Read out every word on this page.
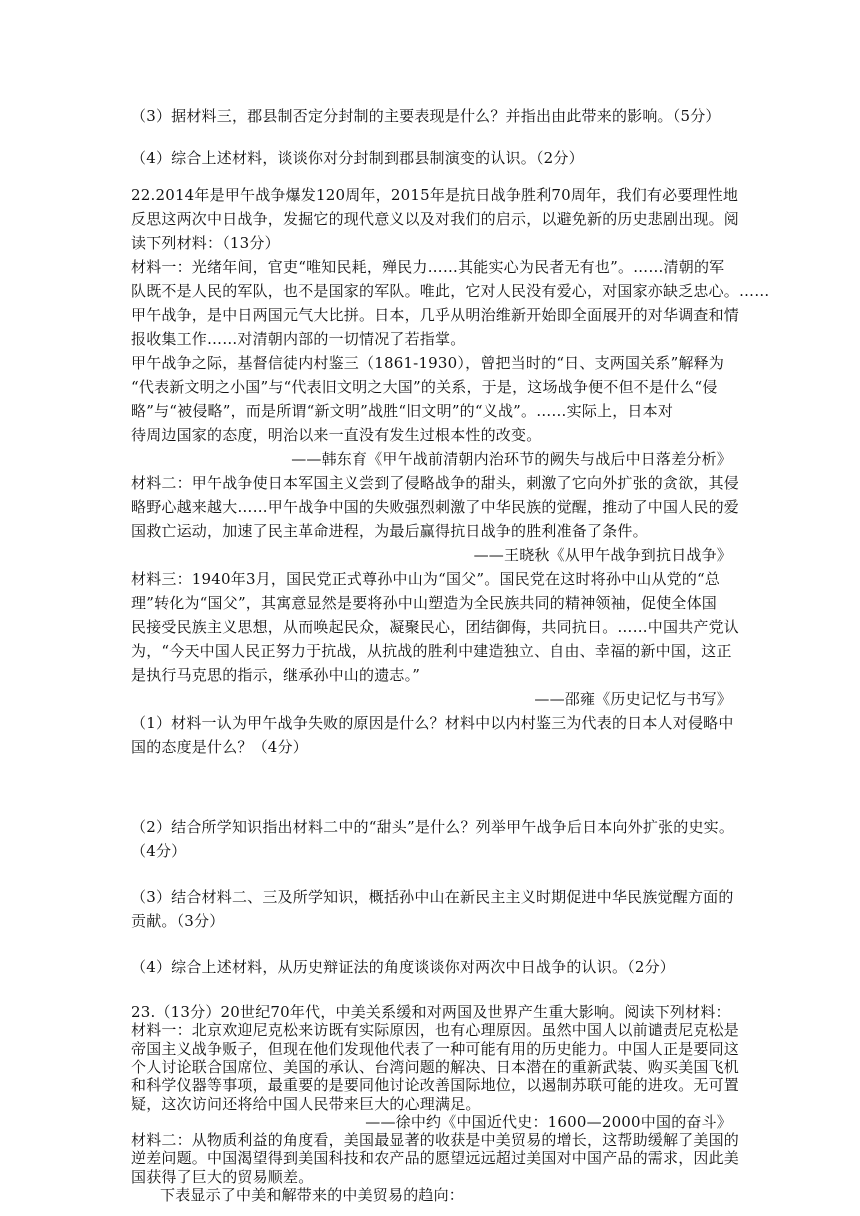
（3）据材料三，郡县制否定分封制的主要表现是什么？并指出由此带来的影响。（5分）
（4）综合上述材料，谈谈你对分封制到郡县制演变的认识。（2分）
22.2014年是甲午战争爆发120周年，2015年是抗日战争胜利70周年，我们有必要理性地
反思这两次中日战争，发掘它的现代意义以及对我们的启示，以避免新的历史悲剧出现。阅
读下列材料：（13分）
材料一：光绪年间，官吏“唯知民耗，殚民力……其能实心为民者无有也”。……清朝的军
队既不是人民的军队，也不是国家的军队。唯此，它对人民没有爱心，对国家亦缺乏忠心。……
甲午战争，是中日两国元气大比拼。日本，几乎从明治维新开始即全面展开的对华调查和情
报收集工作……对清朝内部的一切情况了若指掌。
甲午战争之际，基督信徒内村鉴三（1861-1930），曾把当时的“日、支两国关系”解释为
“代表新文明之小国”与“代表旧文明之大国”的关系，于是，这场战争便不但不是什么“侵
略”与“被侵略”，而是所谓“新文明”战胜“旧文明”的“义战”。……实际上，日本对
待周边国家的态度，明治以来一直没有发生过根本性的改变。
——韩东育《甲午战前清朝内治环节的阙失与战后中日落差分析》
材料二：甲午战争使日本军国主义尝到了侵略战争的甜头，刺激了它向外扩张的贪欲，其侵
略野心越来越大……甲午战争中国的失败强烈刺激了中华民族的觉醒，推动了中国人民的爱
国救亡运动，加速了民主革命进程，为最后赢得抗日战争的胜利准备了条件。
——王晓秋《从甲午战争到抗日战争》
材料三：1940年3月，国民党正式尊孙中山为“国父”。国民党在这时将孙中山从党的“总
理”转化为“国父”，其寓意显然是要将孙中山塑造为全民族共同的精神领袖，促使全体国
民接受民族主义思想，从而唤起民众，凝聚民心，团结御侮，共同抗日。……中国共产党认
为，“今天中国人民正努力于抗战，从抗战的胜利中建造独立、自由、幸福的新中国，这正
是执行马克思的指示，继承孙中山的遗志。”
——邵雍《历史记忆与书写》
（1）材料一认为甲午战争失败的原因是什么？材料中以内村鉴三为代表的日本人对侵略中
国的态度是什么？（4分）
（2）结合所学知识指出材料二中的“甜头”是什么？列举甲午战争后日本向外扩张的史实。
（4分）
（3）结合材料二、三及所学知识，概括孙中山在新民主主义时期促进中华民族觉醒方面的
贡献。（3分）
（4）综合上述材料，从历史辩证法的角度谈谈你对两次中日战争的认识。（2分）
23.（13分）20世纪70年代，中美关系缓和对两国及世界产生重大影响。阅读下列材料：
材料一：北京欢迎尼克松来访既有实际原因，也有心理原因。虽然中国人以前谴责尼克松是
帝国主义战争贩子，但现在他们发现他代表了一种可能有用的历史能力。中国人正是要同这
个人讨论联合国席位、美国的承认、台湾问题的解决、日本潜在的重新武装、购买美国飞机
和科学仪器等事项，最重要的是要同他讨论改善国际地位，以遏制苏联可能的进攻。无可置
疑，这次访问还将给中国人民带来巨大的心理满足。
——徐中约《中国近代史：1600—2000中国的奋斗》
材料二：从物质利益的角度看，美国最显著的收获是中美贸易的增长，这帮助缓解了美国的
逆差问题。中国渴望得到美国科技和农产品的愿望远远超过美国对中国产品的需求，因此美
国获得了巨大的贸易顺差。
下表显示了中美和解带来的中美贸易的趋向：
